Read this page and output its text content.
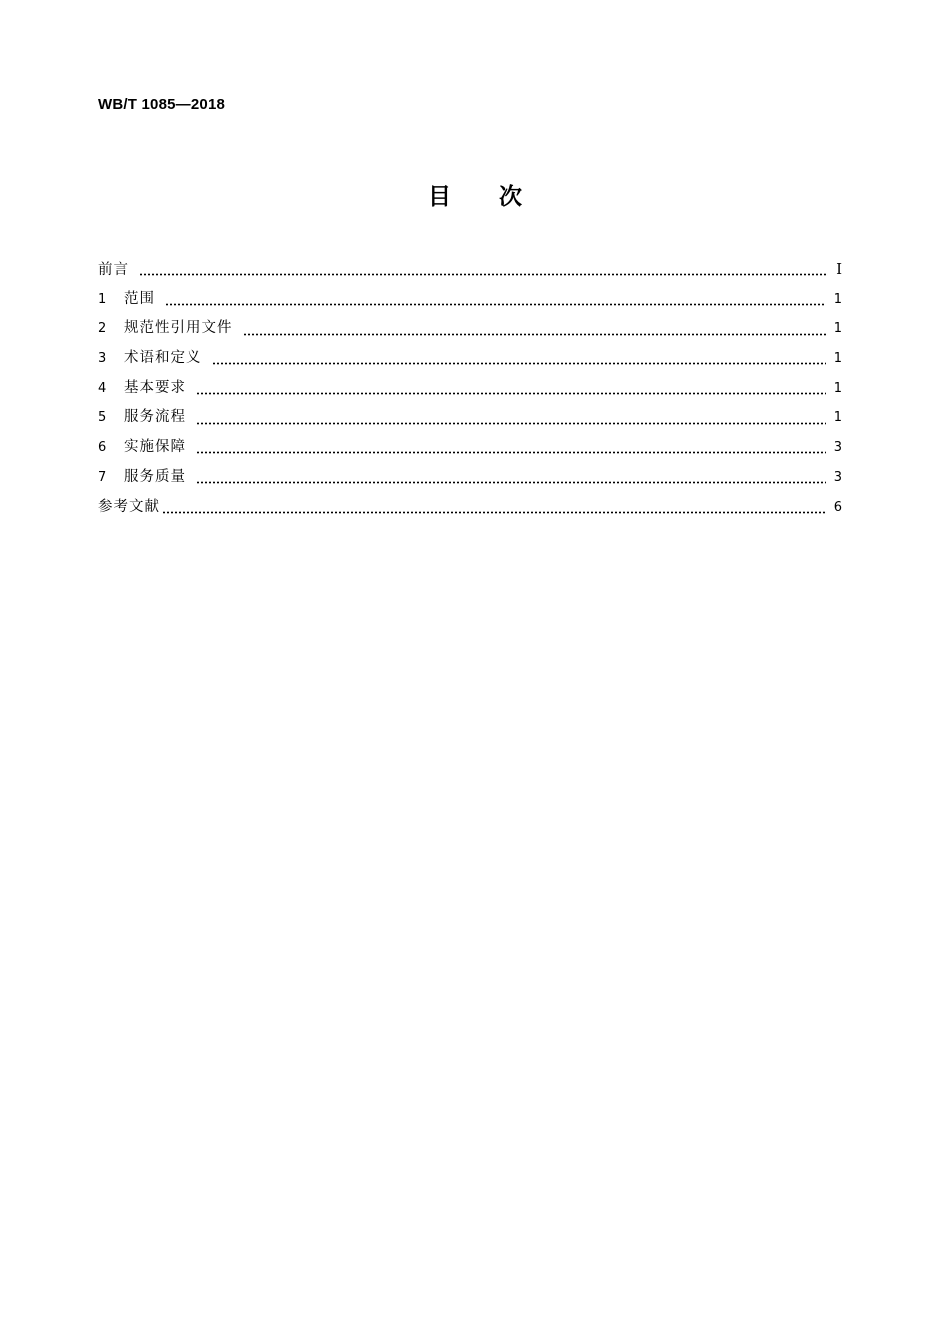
WB/T 1085—2018
目次
前言	Ⅰ
1	范围	1
2	规范性引用文件	1
3	术语和定义	1
4	基本要求	1
5	服务流程	1
6	实施保障	3
7	服务质量	3
参考文献	6
